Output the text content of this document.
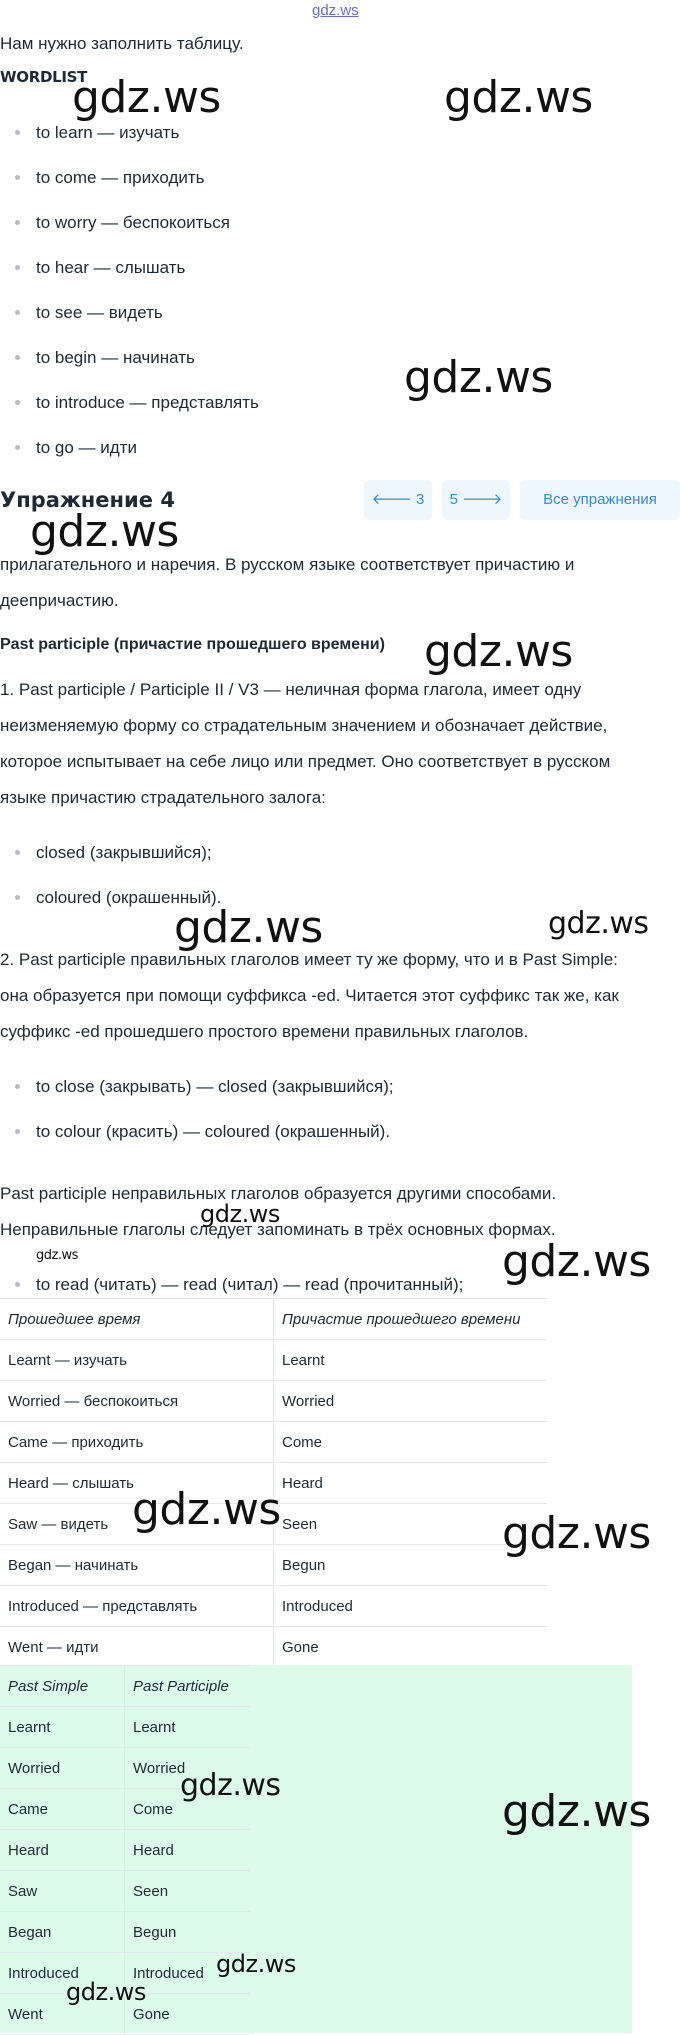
gdz.ws
Нам нужно заполнить таблицу.
WORDLIST
to learn — изучать
to come — приходить
to worry — беспокоиться
to hear — слышать
to see — видеть
to begin — начинать
to introduce — представлять
to go — идти
Упражнение 4	🡐 3	5 🡒	Все упражнения
прилагательного и наречия. В русском языке соответствует причастию и
деепричастию.
Past participle (причастие прошедшего времени)
1. Past participle / Participle II / V3 — неличная форма глагола, имеет одну
неизменяемую форму со страдательным значением и обозначает действие,
которое испытывает на себе лицо или предмет. Оно соответствует в русском
языке причастию страдательного залога:
closed (закрывшийся);
coloured (окрашенный).
2. Past participle правильных глаголов имеет ту же форму, что и в Past Simple:
она образуется при помощи суффикса -ed. Читается этот суффикс так же, как
суффикс -ed прошедшего простого времени правильных глаголов.
to close (закрывать) — closed (закрывшийся);
to colour (красить) — coloured (окрашенный).
Past participle неправильных глаголов образуется другими способами.
Неправильные глаголы следует запоминать в трёх основных формах.
to read (читать) — read (читал) — read (прочитанный);
Прошедшее время	Причастие прошедшего времени
Learnt — изучать	Learnt
Worried — беспокоиться	Worried
Came — приходить	Come
Heard — слышать	Heard
Saw — видеть	Seen
Began — начинать	Begun
Introduced — представлять	Introduced
Went — идти	Gone
Past Simple	Past Participle
Learnt	Learnt
Worried	Worried
Came	Come
Heard	Heard
Saw	Seen
Began	Begun
Introduced	Introduced
Went	Gone
gdz.ws	gdz.ws
gdz.ws
gdz.ws
gdz.ws
gdz.ws	gdz.ws
gdz.ws
gdz.ws	gdz.ws
gdz.ws	gdz.ws
gdz.ws
gdz.ws
gdz.ws
gdz.ws
